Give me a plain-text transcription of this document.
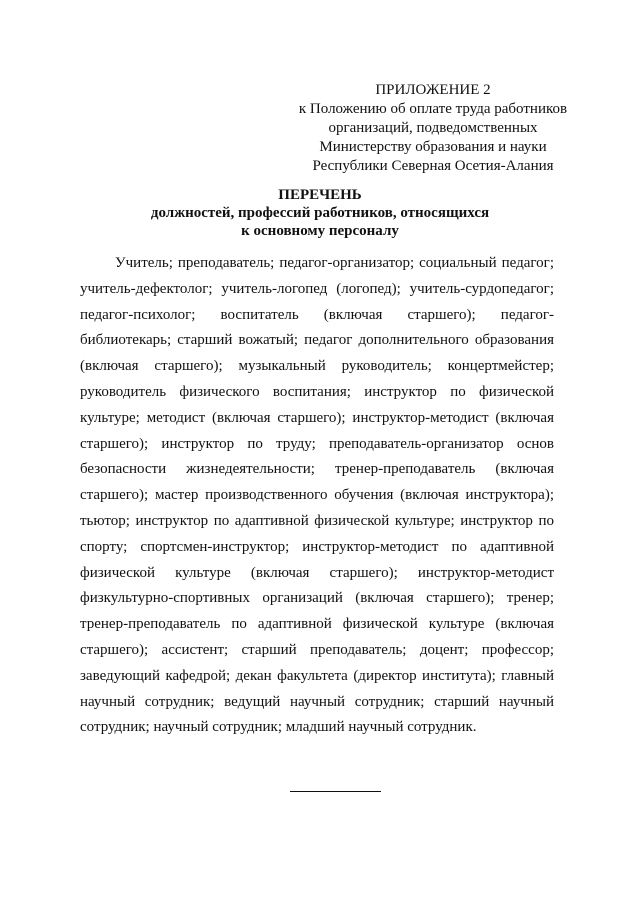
ПРИЛОЖЕНИЕ 2
к Положению об оплате труда работников
организаций, подведомственных
Министерству образования и науки
Республики Северная Осетия-Алания
ПЕРЕЧЕНЬ
должностей, профессий работников, относящихся
к основному персоналу

Учитель; преподаватель; педагог-организатор; социальный педагог; учитель-дефектолог; учитель-логопед (логопед); учитель-сурдопедагог; педагог-психолог; воспитатель (включая старшего); педагог-библиотекарь; старший вожатый; педагог дополнительного образования (включая старшего); музыкальный руководитель; концертмейстер; руководитель физического воспитания; инструктор по физической культуре; методист (включая старшего); инструктор-методист (включая старшего); инструктор по труду; преподаватель-организатор основ безопасности жизнедеятельности; тренер-преподаватель (включая старшего); мастер производственного обучения (включая инструктора); тьютор; инструктор по адаптивной физической культуре; инструктор по спорту; спортсмен-инструктор; инструктор-методист по адаптивной физической культуре (включая старшего); инструктор-методист физкультурно-спортивных организаций (включая старшего); тренер; тренер-преподаватель по адаптивной физической культуре (включая старшего); ассистент; старший преподаватель; доцент; профессор; заведующий кафедрой; декан факультета (директор института); главный научный сотрудник; ведущий научный сотрудник; старший научный сотрудник; научный сотрудник; младший научный сотрудник.
